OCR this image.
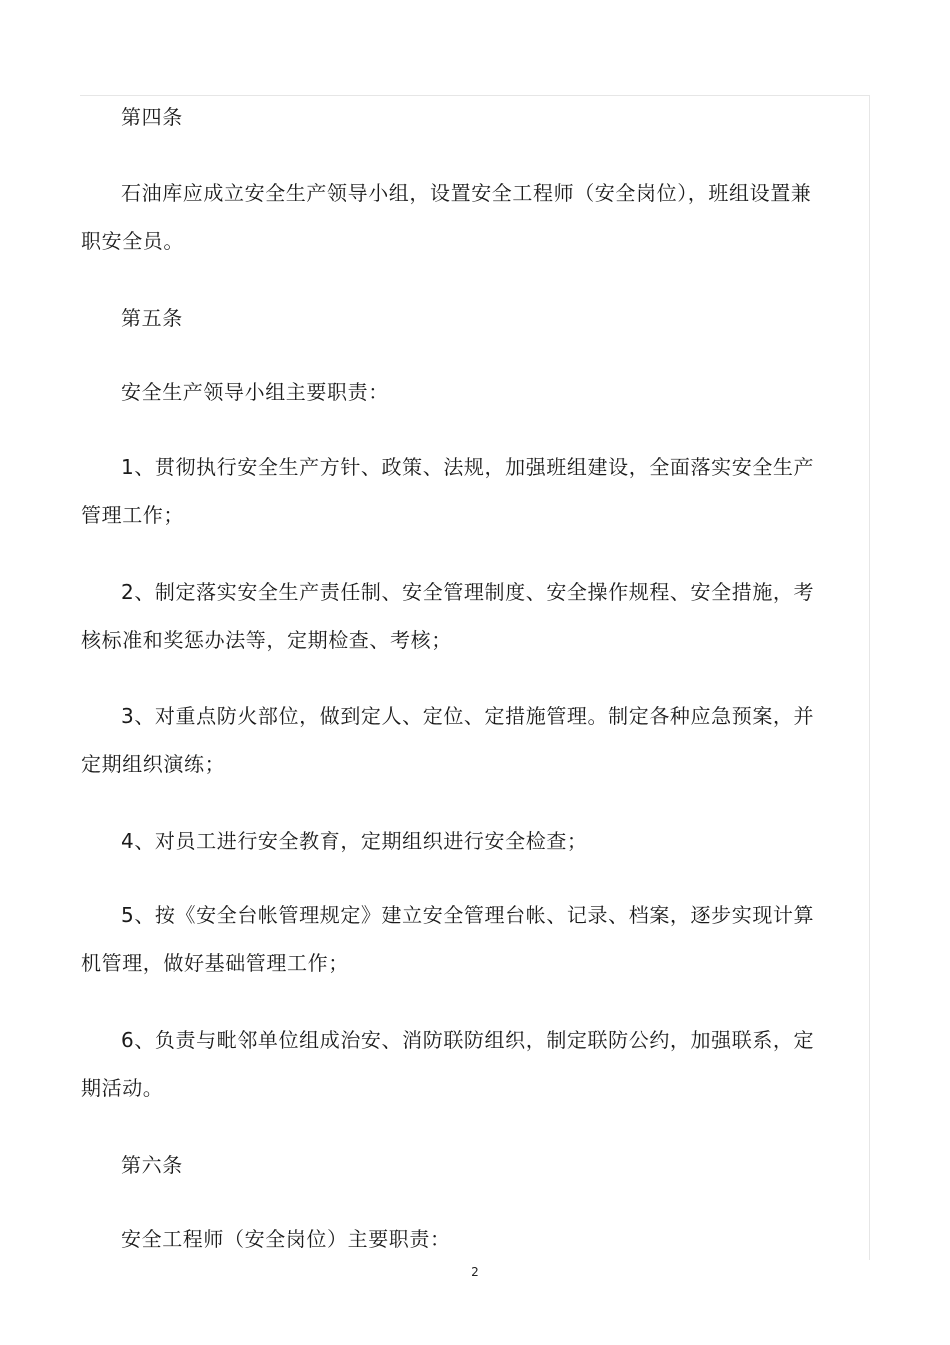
第四条
石油库应成立安全生产领导小组，设置安全工程师（安全岗位），班组设置兼职安全员。
第五条
安全生产领导小组主要职责：
1、贯彻执行安全生产方针、政策、法规，加强班组建设，全面落实安全生产管理工作；
2、制定落实安全生产责任制、安全管理制度、安全操作规程、安全措施，考核标准和奖惩办法等，定期检查、考核；
3、对重点防火部位，做到定人、定位、定措施管理。制定各种应急预案，并定期组织演练；
4、对员工进行安全教育，定期组织进行安全检查；
5、按《安全台帐管理规定》建立安全管理台帐、记录、档案，逐步实现计算机管理，做好基础管理工作；
6、负责与毗邻单位组成治安、消防联防组织，制定联防公约，加强联系，定期活动。
第六条
安全工程师（安全岗位）主要职责：
2
